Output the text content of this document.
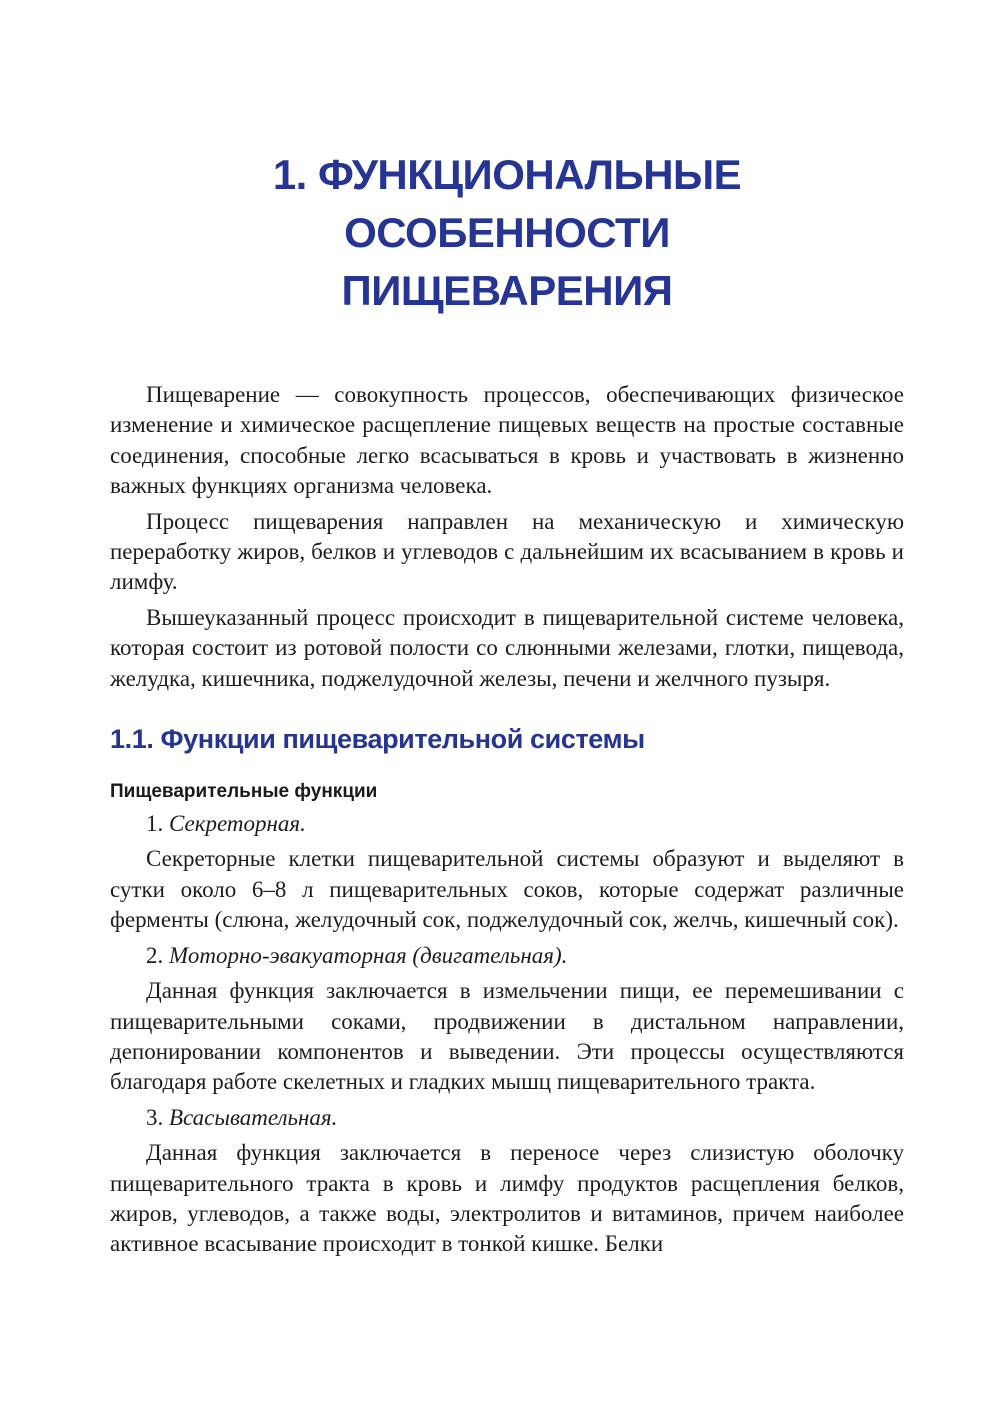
1. ФУНКЦИОНАЛЬНЫЕ ОСОБЕННОСТИ
ПИЩЕВАРЕНИЯ

Пищеварение — совокупность процессов, обеспечивающих физическое изменение и химическое расщепление пищевых веществ на простые составные соединения, способные легко всасываться в кровь и участвовать в жизненно важных функциях организма человека.

Процесс пищеварения направлен на механическую и химическую переработку жиров, белков и углеводов с дальнейшим их всасыванием в кровь и лимфу.

Вышеуказанный процесс происходит в пищеварительной системе человека, которая состоит из ротовой полости со слюнными железами, глотки, пищевода, желудка, кишечника, поджелудочной железы, печени и желчного пузыря.

1.1. Функции пищеварительной системы
Пищеварительные функции

1. Секреторная.

Секреторные клетки пищеварительной системы образуют и выделяют в сутки около 6–8 л пищеварительных соков, которые содержат различные ферменты (слюна, желудочный сок, поджелудочный сок, желчь, кишечный сок).

2. Моторно-эвакуаторная (двигательная).

Данная функция заключается в измельчении пищи, ее перемешивании с пищеварительными соками, продвижении в дистальном направлении, депонировании компонентов и выведении. Эти процессы осуществляются благодаря работе скелетных и гладких мышц пищеварительного тракта.

3. Всасывательная.

Данная функция заключается в переносе через слизистую оболочку пищеварительного тракта в кровь и лимфу продуктов расщепления белков, жиров, углеводов, а также воды, электролитов и витаминов, причем наиболее активное всасывание происходит в тонкой кишке. Белки
